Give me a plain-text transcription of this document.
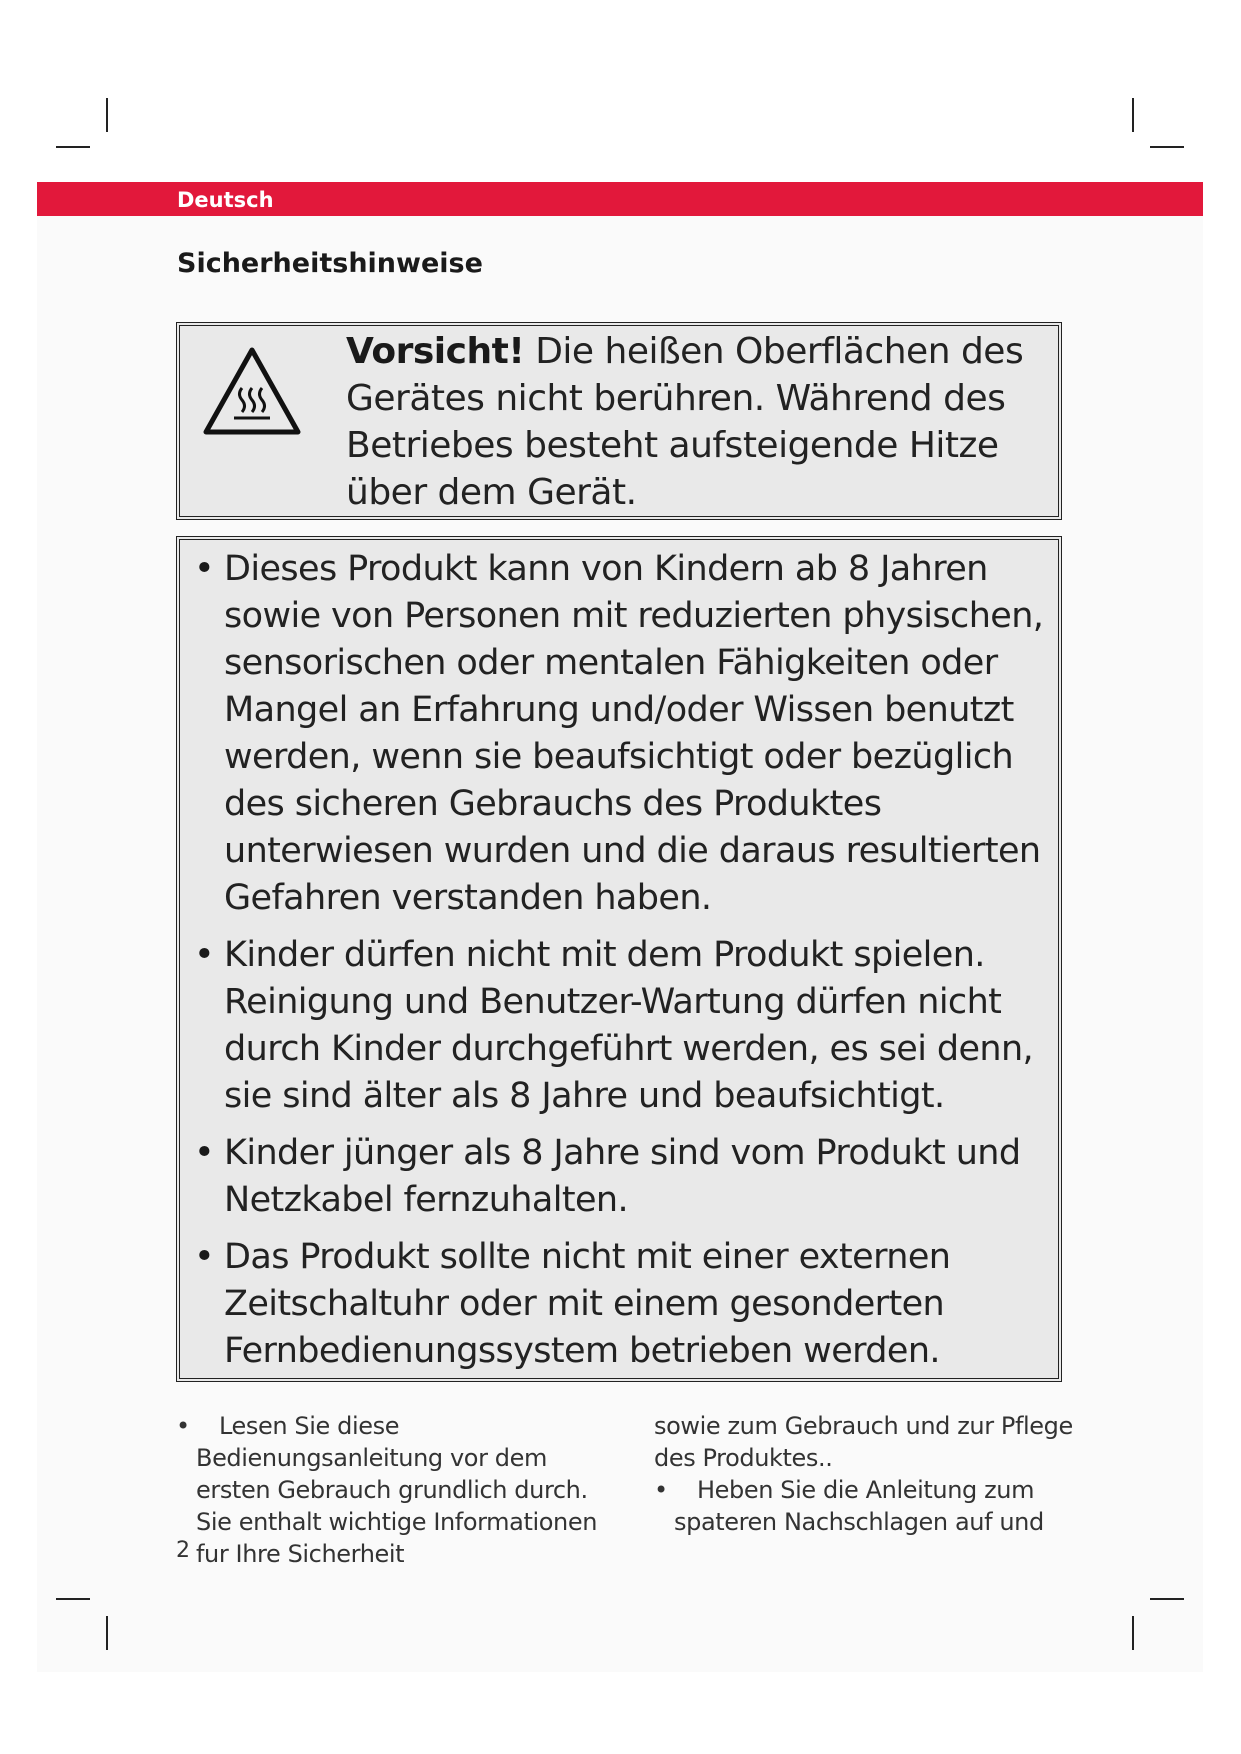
Deutsch
Sicherheitshinweise
Vorsicht! Die heißen Oberflächen des Gerätes nicht berühren. Während des Betriebes besteht aufsteigende Hitze über dem Gerät.
• Dieses Produkt kann von Kindern ab 8 Jahren sowie von Personen mit reduzierten physischen, sensorischen oder mentalen Fähigkeiten oder Mangel an Erfahrung und/oder Wissen benutzt werden, wenn sie beaufsichtigt oder bezüglich des sicheren Gebrauchs des Produktes unterwiesen wurden und die daraus resultierten Gefahren verstanden haben.
• Kinder dürfen nicht mit dem Produkt spielen. Reinigung und Benutzer-Wartung dürfen nicht durch Kinder durchgeführt werden, es sei denn, sie sind älter als 8 Jahre und beaufsichtigt.
• Kinder jünger als 8 Jahre sind vom Produkt und Netzkabel fernzuhalten.
• Das Produkt sollte nicht mit einer externen Zeitschaltuhr oder mit einem gesonderten Fernbedienungssystem betrieben werden.
• Lesen Sie diese Bedienungsanleitung vor dem ersten Gebrauch grundlich durch. Sie enthalt wichtige Informationen fur Ihre Sicherheit
sowie zum Gebrauch und zur Pflege des Produktes..
• Heben Sie die Anleitung zum spateren Nachschlagen auf und
2
